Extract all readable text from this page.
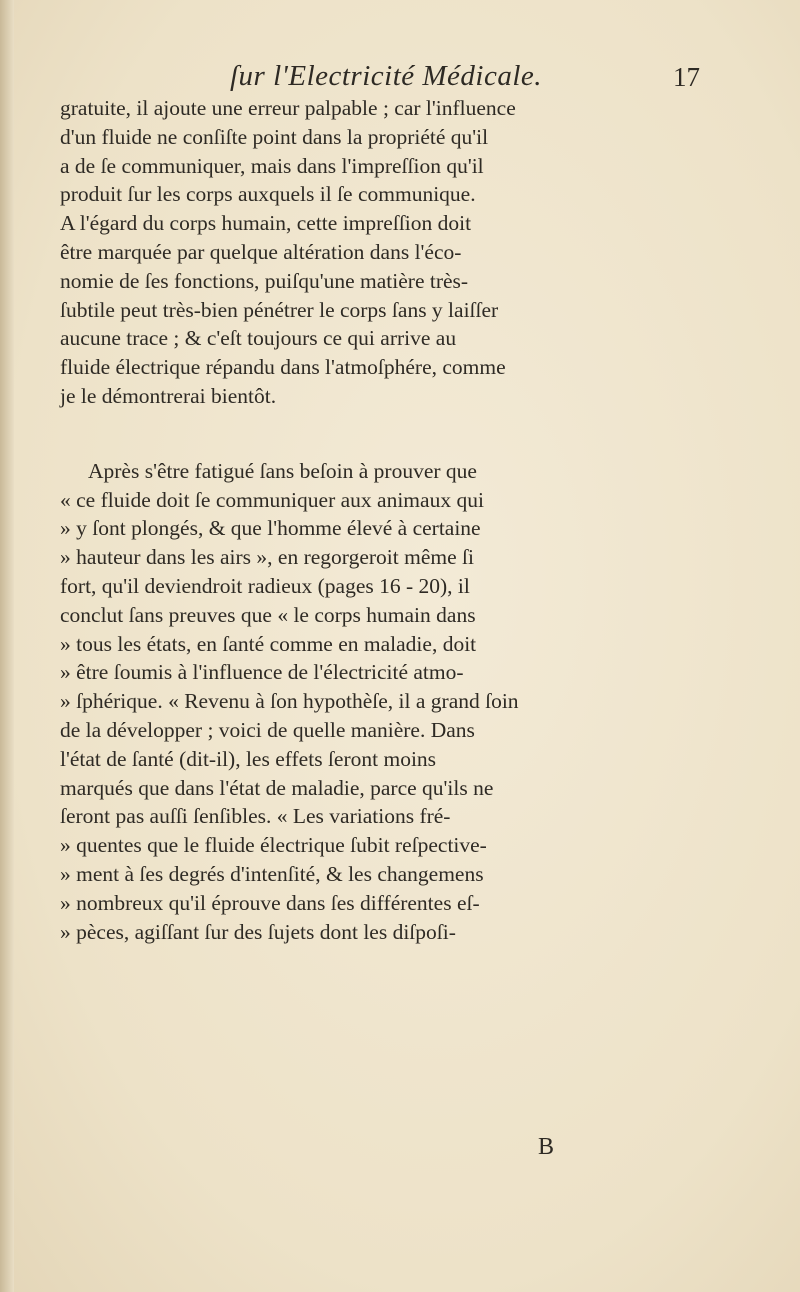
ſur l'Electricité Médicale.	17
gratuite, il ajoute une erreur palpable ; car l'influence
d'un fluide ne conſiſte point dans la propriété qu'il
a de ſe communiquer, mais dans l'impreſſion qu'il
produit ſur les corps auxquels il ſe communique.
A l'égard du corps humain, cette impreſſion doit
être marquée par quelque altération dans l'éco-
nomie de ſes fonctions, puiſqu'une matière très-
ſubtile peut très-bien pénétrer le corps ſans y laiſſer
aucune trace ; & c'eſt toujours ce qui arrive au
fluide électrique répandu dans l'atmoſphére, comme
je le démontrerai bientôt.
Après s'être fatigué ſans beſoin à prouver que
« ce fluide doit ſe communiquer aux animaux qui
» y ſont plongés, & que l'homme élevé à certaine
» hauteur dans les airs », en regorgeroit même ſi
fort, qu'il deviendroit radieux (pages 16 - 20), il
conclut ſans preuves que « le corps humain dans
» tous les états, en ſanté comme en maladie, doit
» être ſoumis à l'influence de l'électricité atmo-
» ſphérique. « Revenu à ſon hypothèſe, il a grand ſoin
de la développer ; voici de quelle manière. Dans
l'état de ſanté (dit-il), les effets ſeront moins
marqués que dans l'état de maladie, parce qu'ils ne
ſeront pas auſſi ſenſibles. « Les variations fré-
» quentes que le fluide électrique ſubit reſpective-
» ment à ſes degrés d'intenſité, & les changemens
» nombreux qu'il éprouve dans ſes différentes eſ-
» pèces, agiſſant ſur des ſujets dont les diſpoſi-
B
